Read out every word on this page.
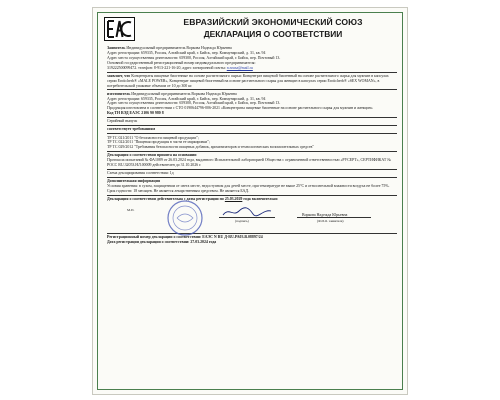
ЕВРАЗИЙСКИЙ ЭКОНОМИЧЕСКИЙ СОЮЗ
ДЕКЛАРАЦИЯ О СООТВЕТСТВИИ

Заявитель Индивидуальный предприниматель Воркова Надежда Юрьевна

Адрес регистрации: 659335, Россия, Алтайский край, г. Бийск, пер. Коммунарский, д. 31, кв. 94

Адрес места осуществления деятельности: 659300, Россия, Алтайский край, г. Бийск, пер. Почтовый 13.

Основной государственный регистрационный номер индивидуального предпринимателя:

319222500099472. телефон: 8-913-221-16-20, адрес электронной почты: n.nrusa@mail.ru

заявляет, что Концентраты пищевые биогенные на основе растительного сырья: Концентрат пищевой биогенный на основе растительного сырья для мужчин в капсулах серии Eroticherb® «MALE POWER», Концентрат пищевой биогенный на основе растительного сырья для женщин в капсулах серии Eroticherb® «SEX WOMAN», в потребительской упаковке объемом от 10 до 300 кг.

изготовитель Индивидуальный предприниматель Воркова Надежда Юрьевна

Адрес регистрации: 659335, Россия, Алтайский край, г. Бийск, пер. Коммунарский, д. 31, кв. 94

Адрес места осуществления деятельности: 659300, Россия, Алтайский край, г. Бийск, пер. Почтовый 13.

Продукция изготовлена в соответствии с СТО 0190644796-006-2021 «Концентраты пищевые биогенные на основе растительного сырья для мужчин и женщин»

Код ТН ВЭД ЕАЭС 2106 90 980 8

Серийный выпуск

соответствует требованиям

ТР ТС 021/2011 "О безопасности пищевой продукции";

ТР ТС 022/2011 "Пищевая продукция в части ее маркировки";

ТР ТС 029/2012 "Требования безопасности пищевых добавок, ароматизаторов и технологических вспомогательных средств"

Декларация о соответствии принята на основании

Протокола испытаний № ФА1089 от 26.03.2024 года, выданного Испытательной лабораторией Общества с ограниченной ответственностью «РУСЕРТ», СЕРТИФИКАТ № РОСС RU.32053.НЛ.00009 действителен до 31.10.2026 г.

Схема декларирования соответствия: 1д

Дополнительная информация

Условия хранения: в сухом, защищенном от света месте, недоступном для детей месте, при температуре не выше 25°С и относительной влажности воздуха не более 75%. Срок годности: 18 месяцев. Не является лекарственным средством. Не является БАД.

Декларация о соответствии действительна с даты регистрации по 25.03.2029 года включительно

М.П.
(подпись)
Воркова Надежда Юрьевна
(Ф.И.О. заявителя)

Регистрационный номер декларации о соответствии: ЕАЭС N RU Д-RU.РА03.В.08897/24

Дата регистрации декларации о соответствии: 27.03.2024 года
